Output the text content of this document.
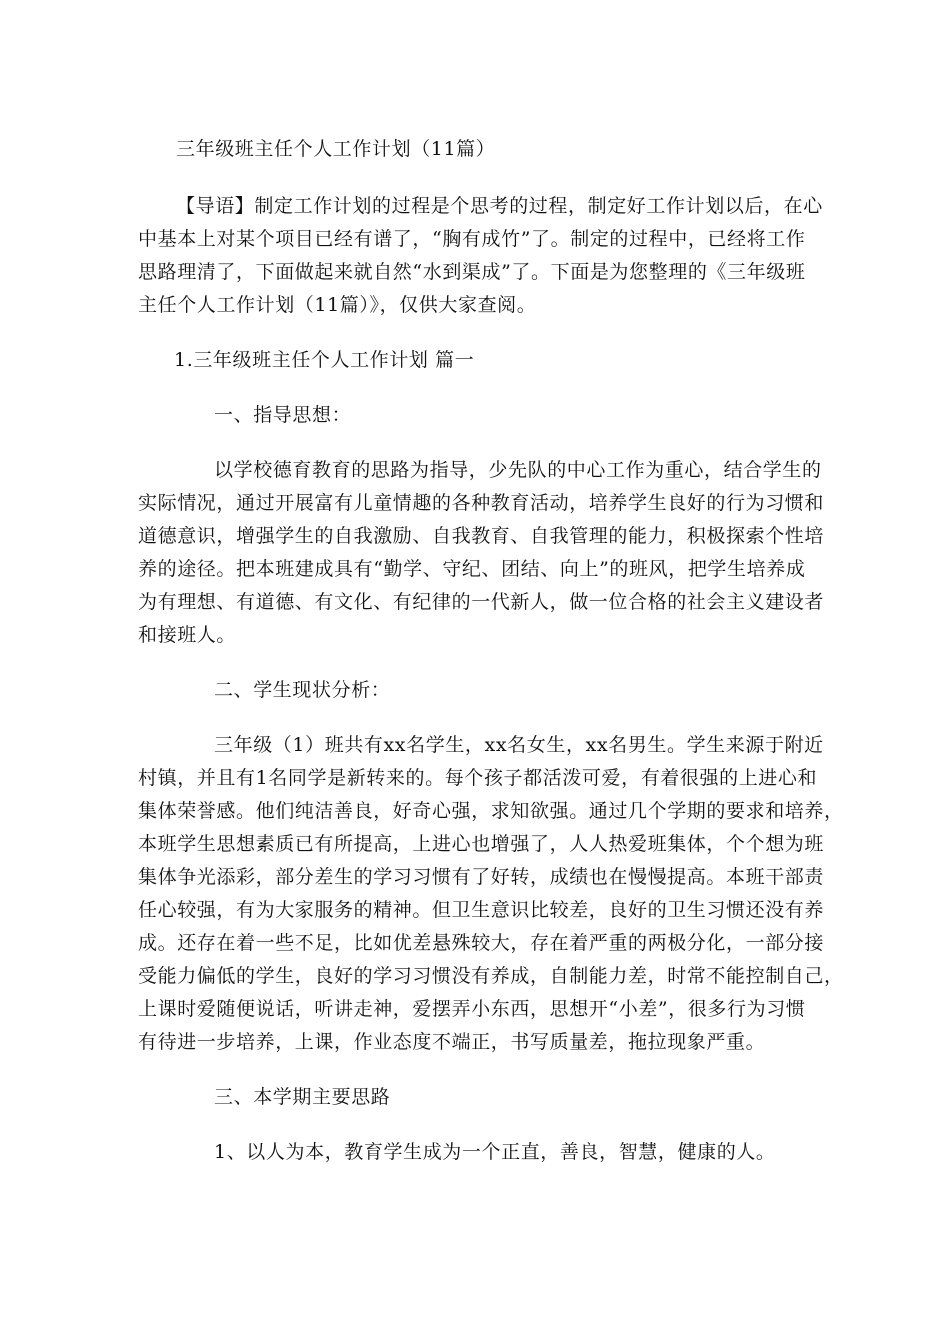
三年级班主任个人工作计划（11篇）
【导语】制定工作计划的过程是个思考的过程，制定好工作计划以后，在心
中基本上对某个项目已经有谱了，“胸有成竹”了。制定的过程中，已经将工作
思路理清了，下面做起来就自然“水到渠成”了。下面是为您整理的《三年级班
主任个人工作计划（11篇）》，仅供大家查阅。
1.三年级班主任个人工作计划 篇一
一、指导思想：
以学校德育教育的思路为指导，少先队的中心工作为重心，结合学生的
实际情况，通过开展富有儿童情趣的各种教育活动，培养学生良好的行为习惯和
道德意识，增强学生的自我激励、自我教育、自我管理的能力，积极探索个性培
养的途径。把本班建成具有“勤学、守纪、团结、向上”的班风，把学生培养成
为有理想、有道德、有文化、有纪律的一代新人，做一位合格的社会主义建设者
和接班人。
二、学生现状分析：
三年级（1）班共有xx名学生，xx名女生，xx名男生。学生来源于附近
村镇，并且有1名同学是新转来的。每个孩子都活泼可爱，有着很强的上进心和
集体荣誉感。他们纯洁善良，好奇心强，求知欲强。通过几个学期的要求和培养，
本班学生思想素质已有所提高，上进心也增强了，人人热爱班集体，个个想为班
集体争光添彩，部分差生的学习习惯有了好转，成绩也在慢慢提高。本班干部责
任心较强，有为大家服务的精神。但卫生意识比较差，良好的卫生习惯还没有养
成。还存在着一些不足，比如优差悬殊较大，存在着严重的两极分化，一部分接
受能力偏低的学生，良好的学习习惯没有养成，自制能力差，时常不能控制自己，
上课时爱随便说话，听讲走神，爱摆弄小东西，思想开“小差”，很多行为习惯
有待进一步培养，上课，作业态度不端正，书写质量差，拖拉现象严重。
三、本学期主要思路
1、以人为本，教育学生成为一个正直，善良，智慧，健康的人。
